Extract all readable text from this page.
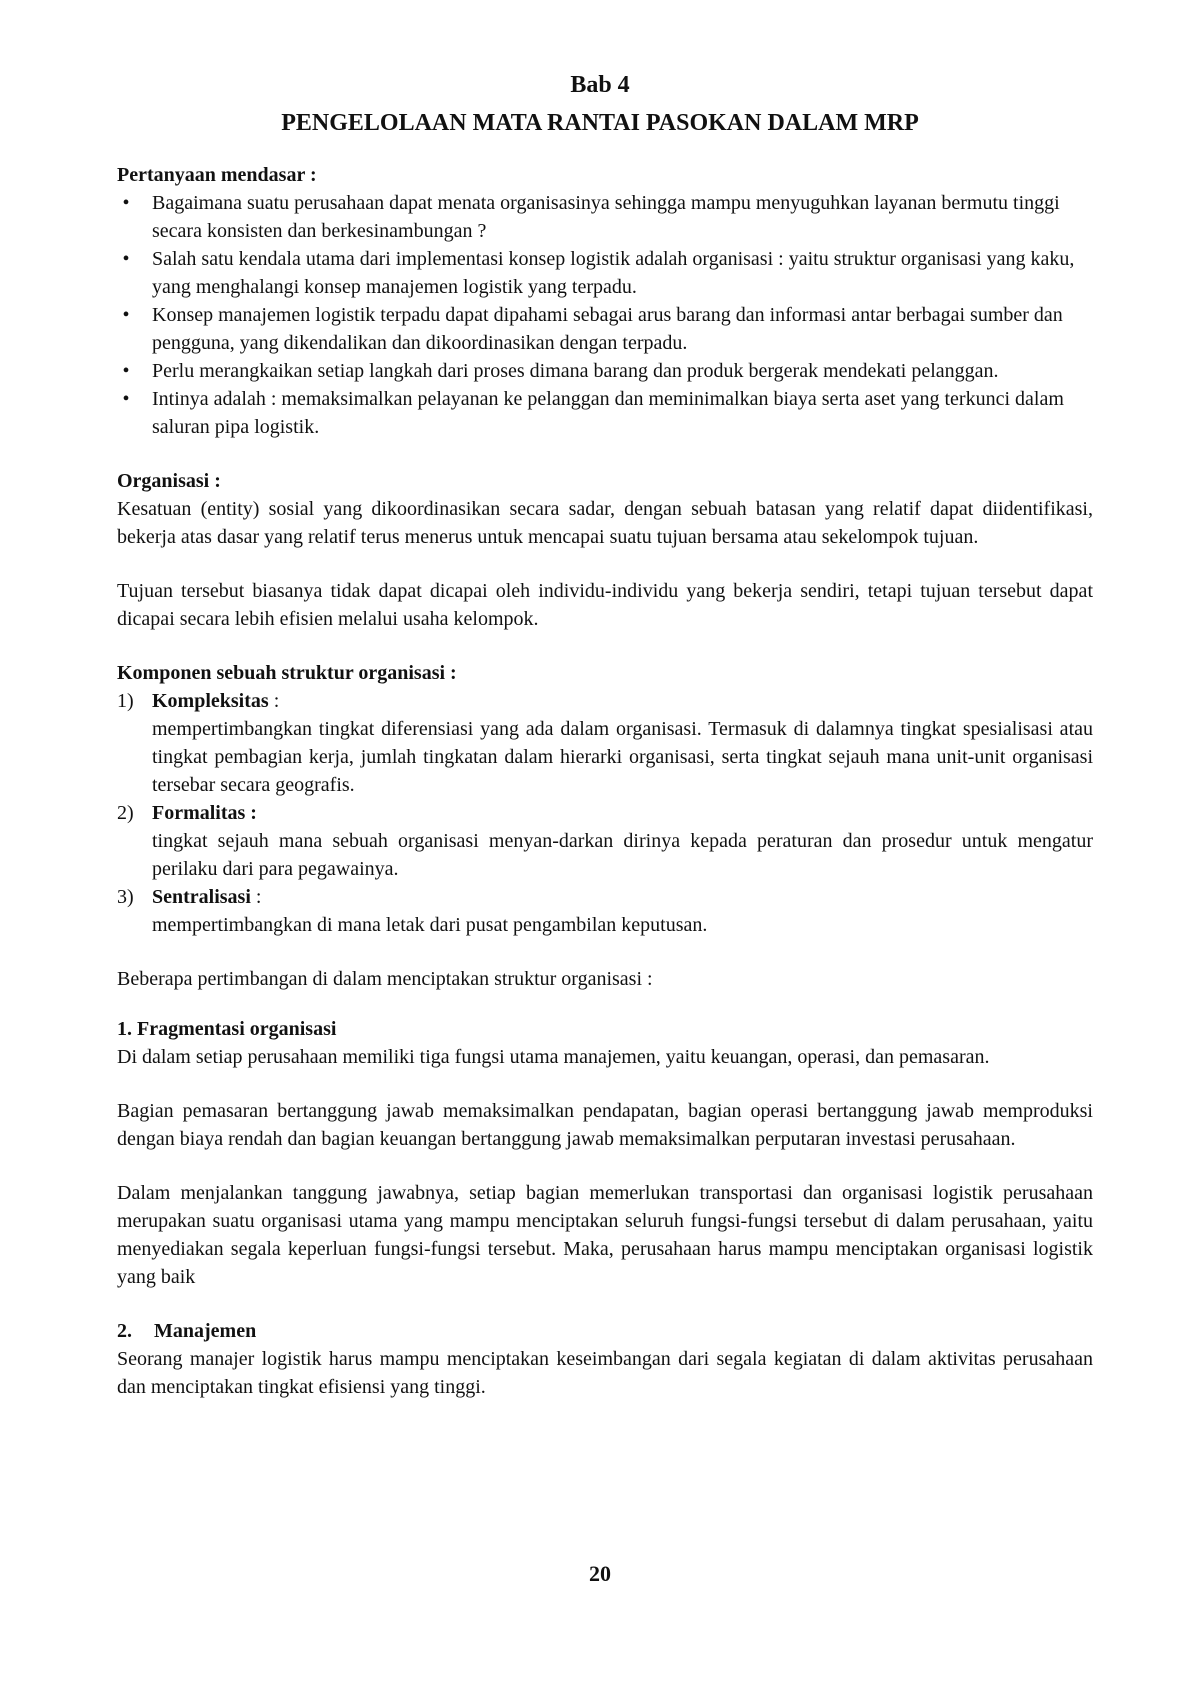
Bab 4
PENGELOLAAN MATA RANTAI PASOKAN DALAM MRP

Pertanyaan mendasar :

• Bagaimana suatu perusahaan dapat menata organisasinya sehingga mampu menyuguhkan layanan bermutu tinggi secara konsisten dan berkesinambungan ?
• Salah satu kendala utama dari implementasi konsep logistik adalah organisasi : yaitu struktur organisasi yang kaku, yang menghalangi konsep manajemen logistik yang terpadu.
• Konsep manajemen logistik terpadu dapat dipahami sebagai arus barang dan informasi antar berbagai sumber dan pengguna, yang dikendalikan dan dikoordinasikan dengan terpadu.
• Perlu merangkaikan setiap langkah dari proses dimana barang dan produk bergerak mendekati pelanggan.
• Intinya adalah : memaksimalkan pelayanan ke pelanggan dan meminimalkan biaya serta aset yang terkunci dalam saluran pipa logistik.

Organisasi :

Kesatuan (entity) sosial yang dikoordinasikan secara sadar, dengan sebuah batasan yang relatif dapat diidentifikasi, bekerja atas dasar yang relatif terus menerus untuk mencapai suatu tujuan bersama atau sekelompok tujuan.

Tujuan tersebut biasanya tidak dapat dicapai oleh individu-individu yang bekerja sendiri, tetapi tujuan tersebut dapat dicapai secara lebih efisien melalui usaha kelompok.

Komponen sebuah struktur organisasi :

1) Kompleksitas :
mempertimbangkan tingkat diferensiasi yang ada dalam organisasi. Termasuk di dalamnya tingkat spesialisasi atau tingkat pembagian kerja, jumlah tingkatan dalam hierarki organisasi, serta tingkat sejauh mana unit-unit organisasi tersebar secara geografis.
2) Formalitas :
tingkat sejauh mana sebuah organisasi menyan-darkan dirinya kepada peraturan dan prosedur untuk mengatur perilaku dari para pegawainya.
3) Sentralisasi :
mempertimbangkan di mana letak dari pusat pengambilan keputusan.

Beberapa pertimbangan di dalam menciptakan struktur organisasi :

1. Fragmentasi organisasi

Di dalam setiap perusahaan memiliki tiga fungsi utama manajemen, yaitu keuangan, operasi, dan pemasaran.

Bagian pemasaran bertanggung jawab memaksimalkan pendapatan, bagian operasi bertanggung jawab memproduksi dengan biaya rendah dan bagian keuangan bertanggung jawab memaksimalkan perputaran investasi perusahaan.

Dalam menjalankan tanggung jawabnya, setiap bagian memerlukan transportasi dan organisasi logistik perusahaan merupakan suatu organisasi utama yang mampu menciptakan seluruh fungsi-fungsi tersebut di dalam perusahaan, yaitu menyediakan segala keperluan fungsi-fungsi tersebut. Maka, perusahaan harus mampu menciptakan organisasi logistik yang baik

2. Manajemen

Seorang manajer logistik harus mampu menciptakan keseimbangan dari segala kegiatan di dalam aktivitas perusahaan dan menciptakan tingkat efisiensi yang tinggi.

20
